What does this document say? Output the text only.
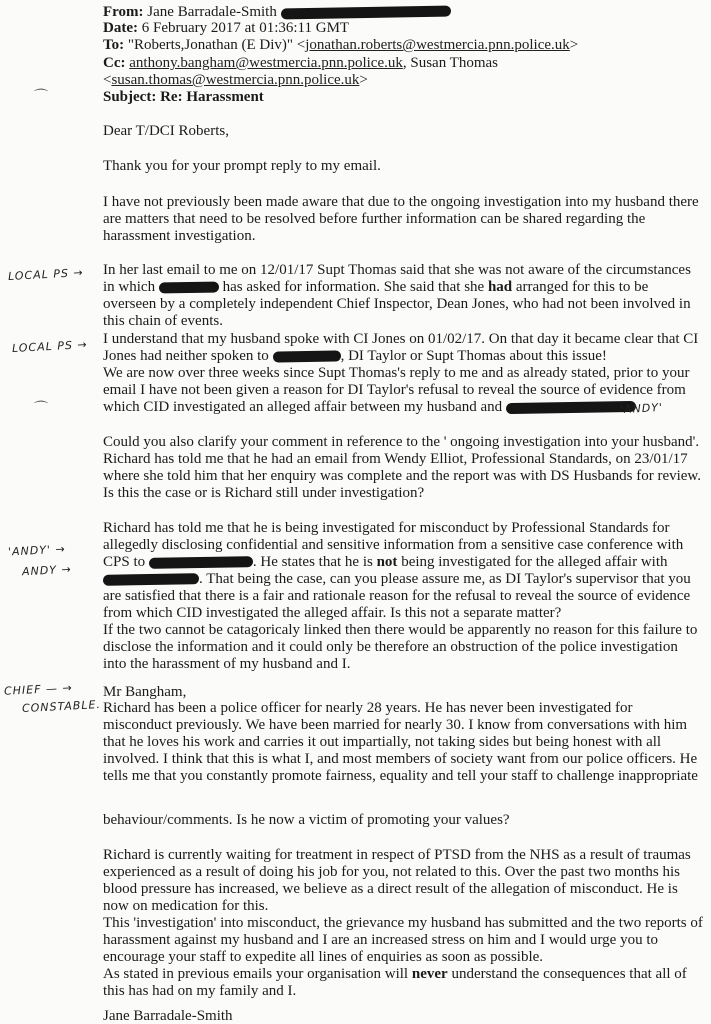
From: Jane Barradale-Smith
Date: 6 February 2017 at 01:36:11 GMT
To: "Roberts,Jonathan (E Div)" <jonathan.roberts@westmercia.pnn.police.uk>
Cc: anthony.bangham@westmercia.pnn.police.uk, Susan Thomas
<susan.thomas@westmercia.pnn.police.uk>
Subject: Re: Harassment
Dear T/DCI Roberts,
Thank you for your prompt reply to my email.
I have not previously been made aware that due to the ongoing investigation into my husband there
are matters that need to be resolved before further information can be shared regarding the
harassment investigation.
In her last email to me on 12/01/17 Supt Thomas said that she was not aware of the circumstances
in which	has asked for information. She said that she had arranged for this to be
overseen by a completely independent Chief Inspector, Dean Jones, who had not been involved in
this chain of events.
I understand that my husband spoke with CI Jones on 01/02/17. On that day it became clear that CI
Jones had neither spoken to	, DI Taylor or Supt Thomas about this issue!
We are now over three weeks since Supt Thomas's reply to me and as already stated, prior to your
email I have not been given a reason for DI Taylor's refusal to reveal the source of evidence from
which CID investigated an alleged affair between my husband and
Could you also clarify your comment in reference to the ' ongoing investigation into your husband'.
Richard has told me that he had an email from Wendy Elliot, Professional Standards, on 23/01/17
where she told him that her enquiry was complete and the report was with DS Husbands for review.
Is this the case or is Richard still under investigation?
Richard has told me that he is being investigated for misconduct by Professional Standards for
allegedly disclosing confidential and sensitive information from a sensitive case conference with
CPS to	. He states that he is not being investigated for the alleged affair with
. That being the case, can you please assure me, as DI Taylor's supervisor that you
are satisfied that there is a fair and rationale reason for the refusal to reveal the source of evidence
from which CID investigated the alleged affair. Is this not a separate matter?
If the two cannot be catagoricaly linked then there would be apparently no reason for this failure to
disclose the information and it could only be therefore an obstruction of the police investigation
into the harassment of my husband and I.
Mr Bangham,
Richard has been a police officer for nearly 28 years. He has never been investigated for
misconduct previously. We have been married for nearly 30. I know from conversations with him
that he loves his work and carries it out impartially, not taking sides but being honest with all
involved. I think that this is what I, and most members of society want from our police officers. He
tells me that you constantly promote fairness, equality and tell your staff to challenge inappropriate
behaviour/comments. Is he now a victim of promoting your values?
Richard is currently waiting for treatment in respect of PTSD from the NHS as a result of traumas
experienced as a result of doing his job for you, not related to this. Over the past two months his
blood pressure has increased, we believe as a direct result of the allegation of misconduct. He is
now on medication for this.
This 'investigation' into misconduct, the grievance my husband has submitted and the two reports of
harassment against my husband and I are an increased stress on him and I would urge you to
encourage your staff to expedite all lines of enquiries as soon as possible.
As stated in previous emails your organisation will never understand the consequences that all of
this has had on my family and I.
Jane Barradale-Smith
⌒
LOCAL PS →
LOCAL PS →
⌒	'ANDY'
'ANDY' →
ANDY →
CHIEF — →
CONSTABLE.
